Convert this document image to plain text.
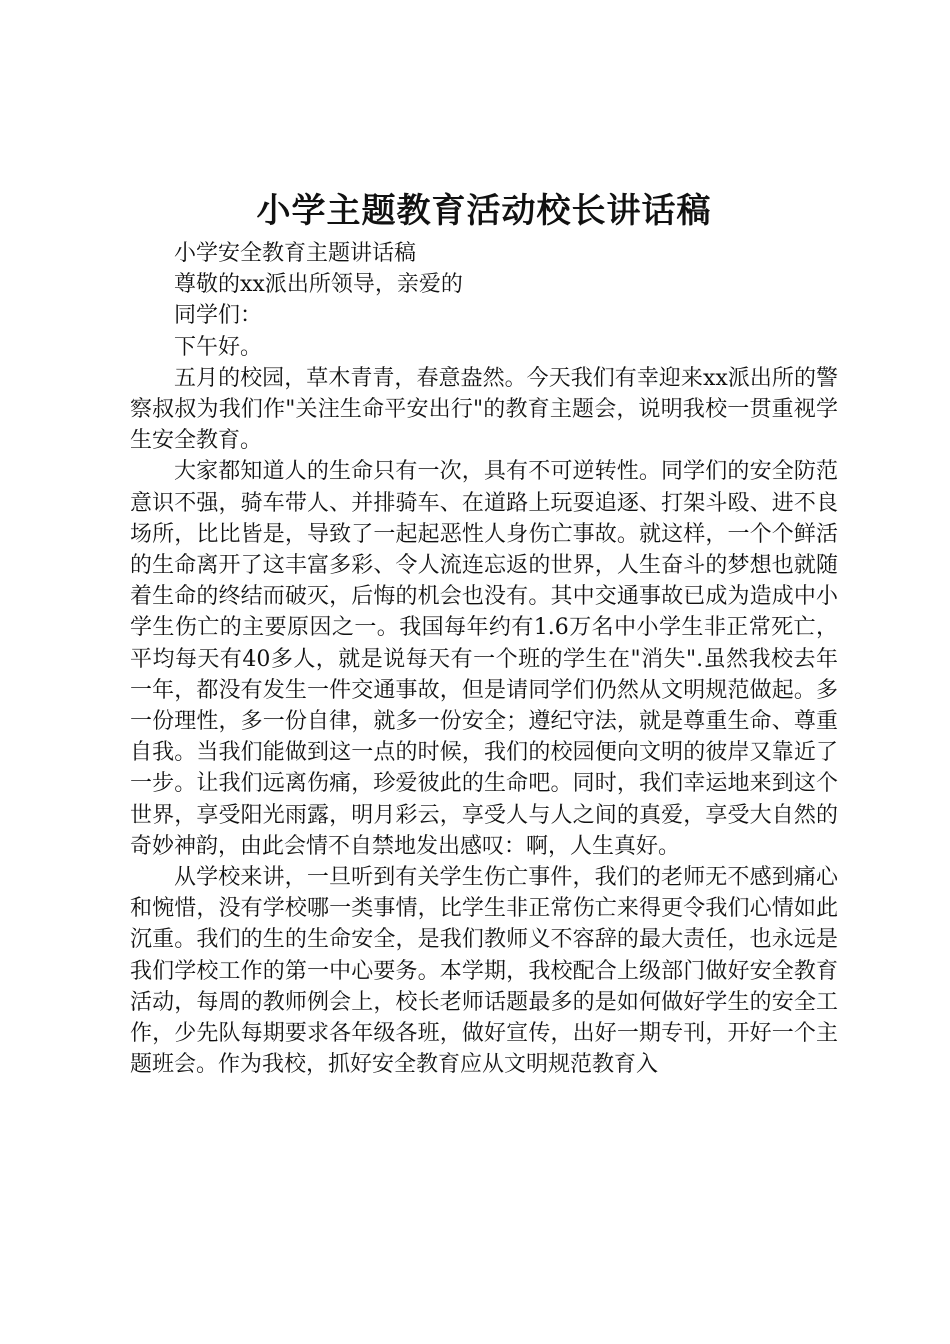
小学主题教育活动校长讲话稿

小学安全教育主题讲话稿

尊敬的xx派出所领导，亲爱的

同学们：

下午好。

五月的校园，草木青青，春意盎然。今天我们有幸迎来xx派出所的警察叔叔为我们作"关注生命平安出行"的教育主题会，说明我校一贯重视学生安全教育。

大家都知道人的生命只有一次，具有不可逆转性。同学们的安全防范意识不强，骑车带人、并排骑车、在道路上玩耍追逐、打架斗殴、进不良场所，比比皆是，导致了一起起恶性人身伤亡事故。就这样，一个个鲜活的生命离开了这丰富多彩、令人流连忘返的世界，人生奋斗的梦想也就随着生命的终结而破灭，后悔的机会也没有。其中交通事故已成为造成中小学生伤亡的主要原因之一。我国每年约有1.6万名中小学生非正常死亡，平均每天有40多人，就是说每天有一个班的学生在"消失".虽然我校去年一年，都没有发生一件交通事故，但是请同学们仍然从文明规范做起。多一份理性，多一份自律，就多一份安全；遵纪守法，就是尊重生命、尊重自我。当我们能做到这一点的时候，我们的校园便向文明的彼岸又靠近了一步。让我们远离伤痛，珍爱彼此的生命吧。同时，我们幸运地来到这个世界，享受阳光雨露，明月彩云，享受人与人之间的真爱，享受大自然的奇妙神韵，由此会情不自禁地发出感叹：啊，人生真好。

从学校来讲，一旦听到有关学生伤亡事件，我们的老师无不感到痛心和惋惜，没有学校哪一类事情，比学生非正常伤亡来得更令我们心情如此沉重。我们的生的生命安全，是我们教师义不容辞的最大责任，也永远是我们学校工作的第一中心要务。本学期，我校配合上级部门做好安全教育活动，每周的教师例会上，校长老师话题最多的是如何做好学生的安全工作，少先队每期要求各年级各班，做好宣传，出好一期专刊，开好一个主题班会。作为我校，抓好安全教育应从文明规范教育入
